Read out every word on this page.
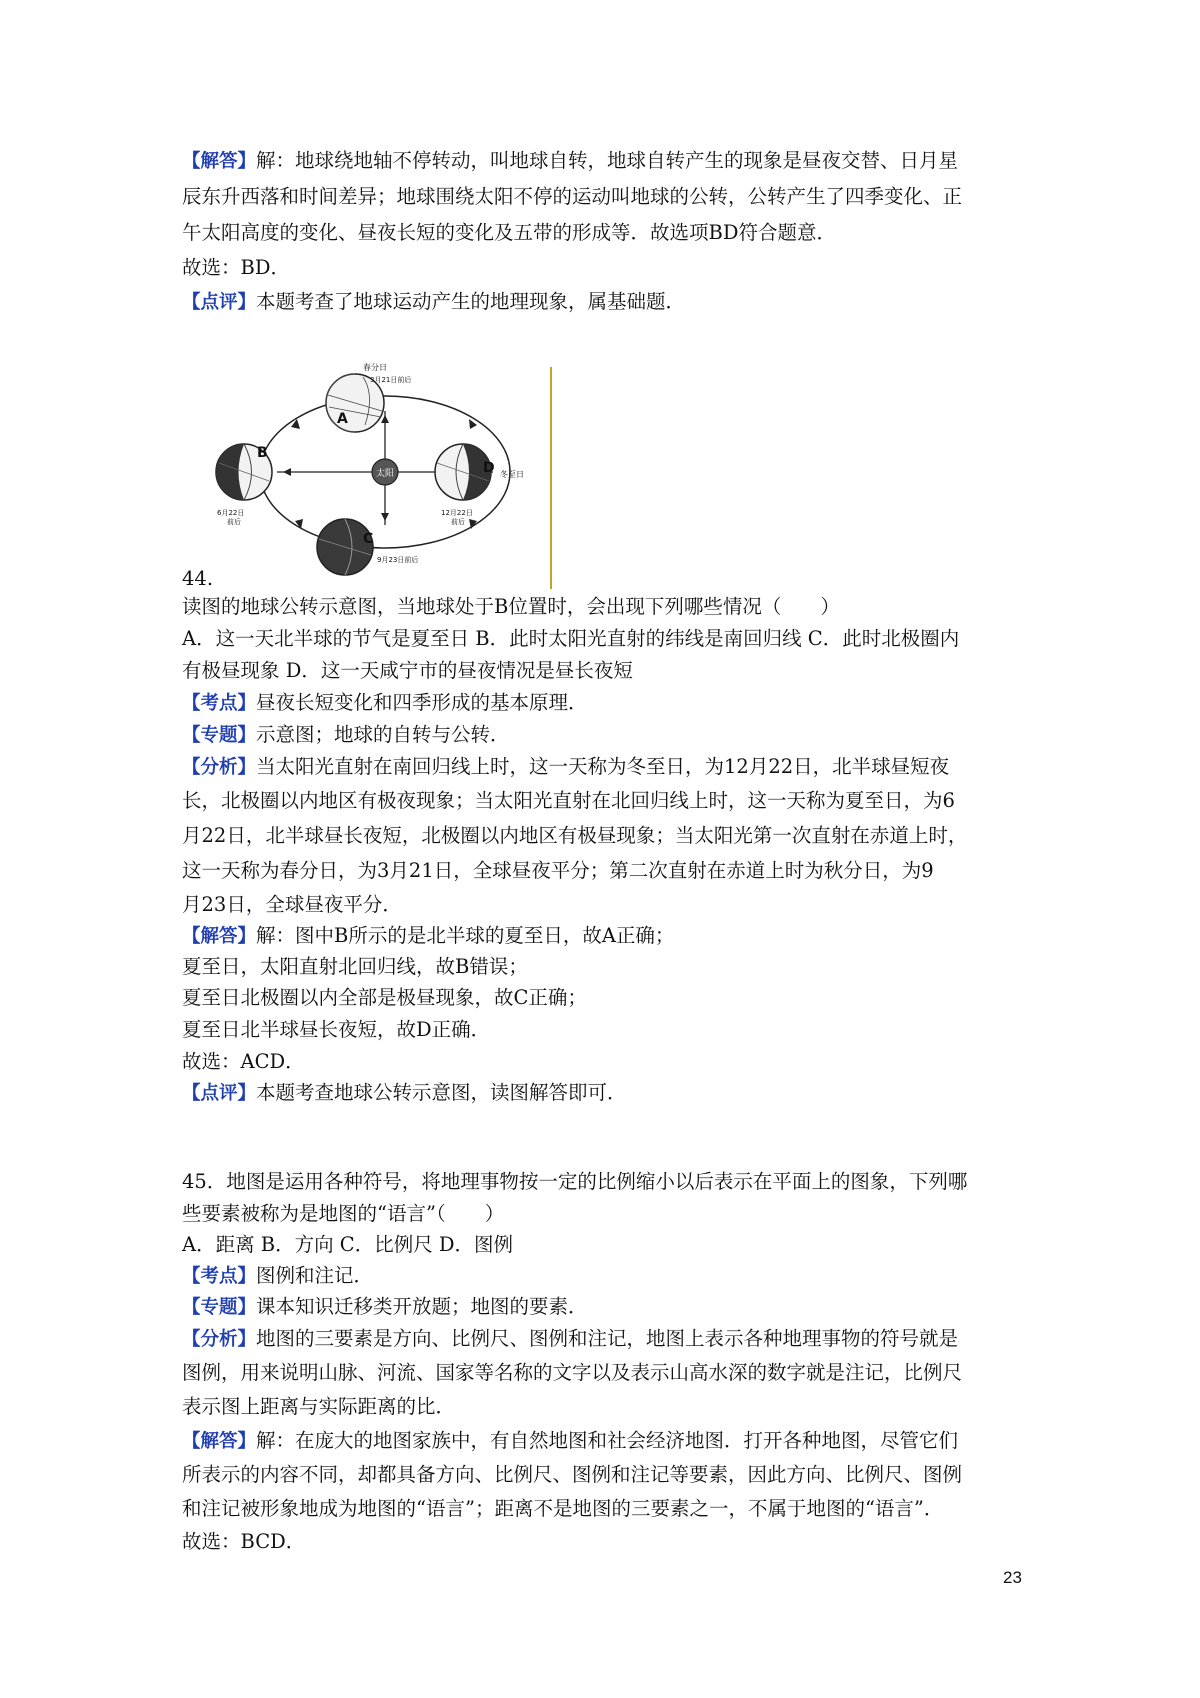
【解答】解：地球绕地轴不停转动，叫地球自转，地球自转产生的现象是昼夜交替、日月星
辰东升西落和时间差异；地球围绕太阳不停的运动叫地球的公转，公转产生了四季变化、正
午太阳高度的变化、昼夜长短的变化及五带的形成等．故选项BD符合题意．
故选：BD．
【点评】本题考查了地球运动产生的地理现象，属基础题．
太阳
春分日
3月21日前后
A
B
6月22日
前后
D 冬至日
12月22日
前后
C
9月23日前后
44.
读图的地球公转示意图，当地球处于B位置时，会出现下列哪些情况（　　）
A．这一天北半球的节气是夏至日 B．此时太阳光直射的纬线是南回归线 C．此时北极圈内
有极昼现象 D．这一天咸宁市的昼夜情况是昼长夜短
【考点】昼夜长短变化和四季形成的基本原理．
【专题】示意图；地球的自转与公转．
【分析】当太阳光直射在南回归线上时，这一天称为冬至日，为12月22日，北半球昼短夜
长，北极圈以内地区有极夜现象；当太阳光直射在北回归线上时，这一天称为夏至日，为6
月22日，北半球昼长夜短，北极圈以内地区有极昼现象；当太阳光第一次直射在赤道上时，
这一天称为春分日，为3月21日，全球昼夜平分；第二次直射在赤道上时为秋分日，为9
月23日，全球昼夜平分．
【解答】解：图中B所示的是北半球的夏至日，故A正确；
夏至日，太阳直射北回归线，故B错误；
夏至日北极圈以内全部是极昼现象，故C正确；
夏至日北半球昼长夜短，故D正确．
故选：ACD．
【点评】本题考查地球公转示意图，读图解答即可．
45．地图是运用各种符号，将地理事物按一定的比例缩小以后表示在平面上的图象，下列哪
些要素被称为是地图的“语言”（　　）
A．距离 B．方向 C．比例尺 D．图例
【考点】图例和注记．
【专题】课本知识迁移类开放题；地图的要素．
【分析】地图的三要素是方向、比例尺、图例和注记，地图上表示各种地理事物的符号就是
图例，用来说明山脉、河流、国家等名称的文字以及表示山高水深的数字就是注记，比例尺
表示图上距离与实际距离的比．
【解答】解：在庞大的地图家族中，有自然地图和社会经济地图．打开各种地图，尽管它们
所表示的内容不同，却都具备方向、比例尺、图例和注记等要素，因此方向、比例尺、图例
和注记被形象地成为地图的“语言”；距离不是地图的三要素之一，不属于地图的“语言”．
故选：BCD．
23
